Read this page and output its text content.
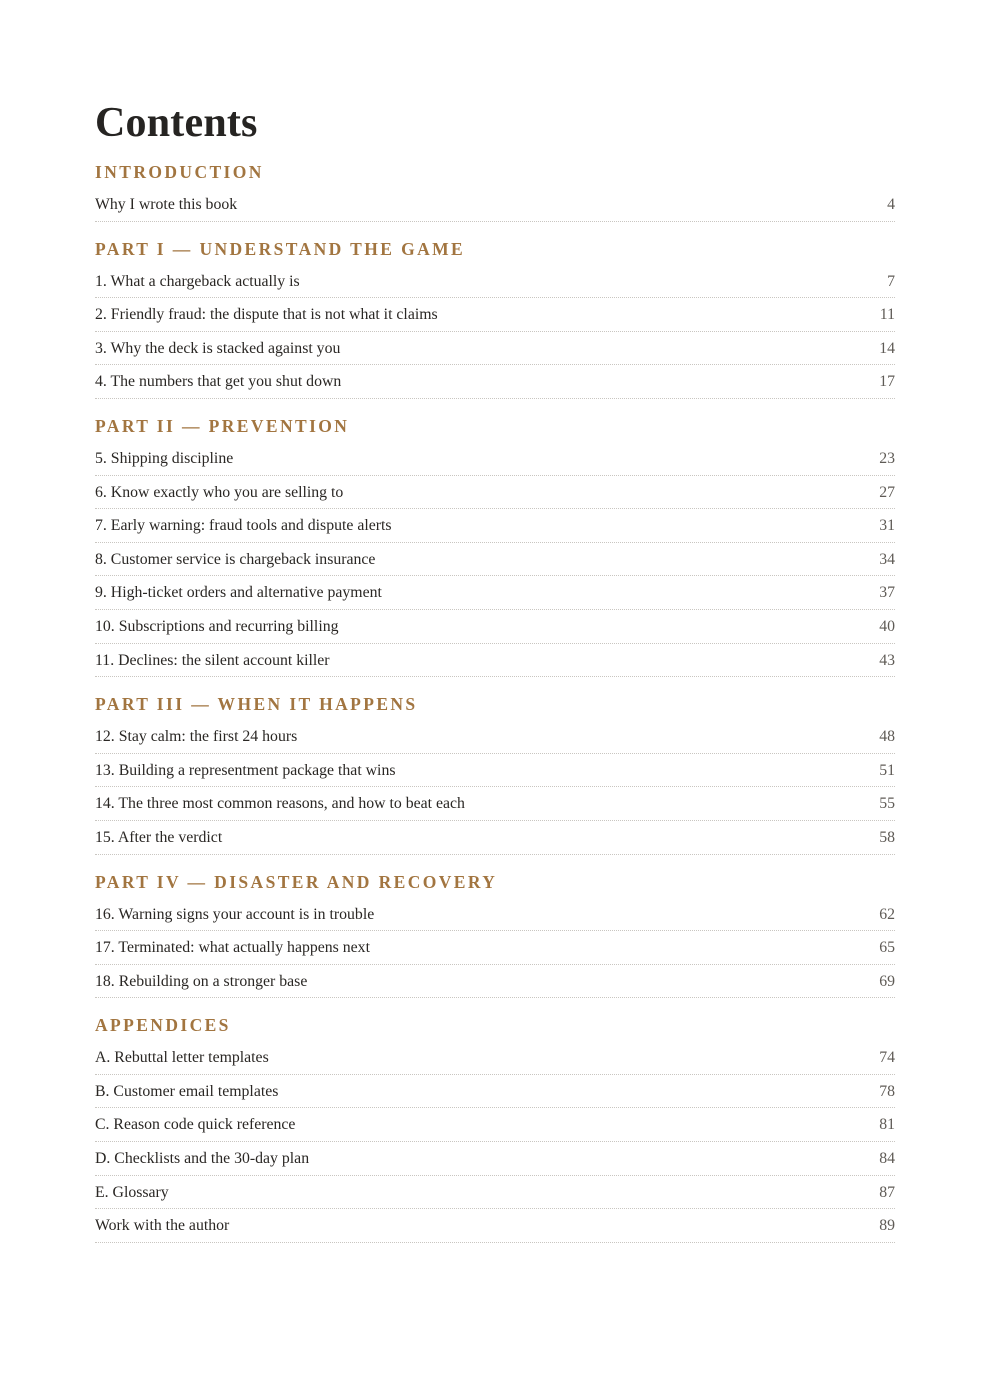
Contents
INTRODUCTION
Why I wrote this book	4
PART I — UNDERSTAND THE GAME
1. What a chargeback actually is	7
2. Friendly fraud: the dispute that is not what it claims	11
3. Why the deck is stacked against you	14
4. The numbers that get you shut down	17
PART II — PREVENTION
5. Shipping discipline	23
6. Know exactly who you are selling to	27
7. Early warning: fraud tools and dispute alerts	31
8. Customer service is chargeback insurance	34
9. High-ticket orders and alternative payment	37
10. Subscriptions and recurring billing	40
11. Declines: the silent account killer	43
PART III — WHEN IT HAPPENS
12. Stay calm: the first 24 hours	48
13. Building a representment package that wins	51
14. The three most common reasons, and how to beat each	55
15. After the verdict	58
PART IV — DISASTER AND RECOVERY
16. Warning signs your account is in trouble	62
17. Terminated: what actually happens next	65
18. Rebuilding on a stronger base	69
APPENDICES
A. Rebuttal letter templates	74
B. Customer email templates	78
C. Reason code quick reference	81
D. Checklists and the 30-day plan	84
E. Glossary	87
Work with the author	89
